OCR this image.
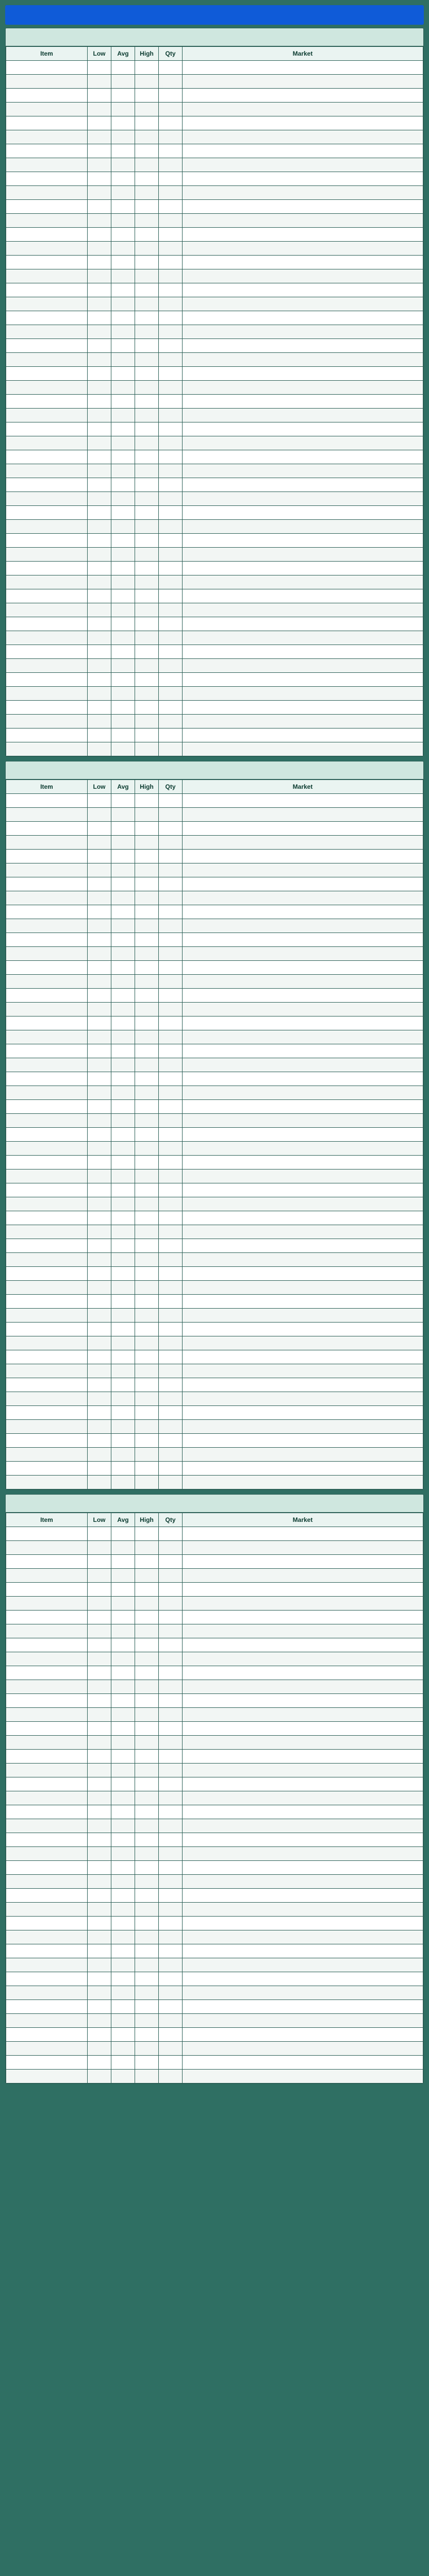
Item	Low	Avg	High	Qty	Market

Item	Low	Avg	High	Qty	Market

Item	Low	Avg	High	Qty	Market
